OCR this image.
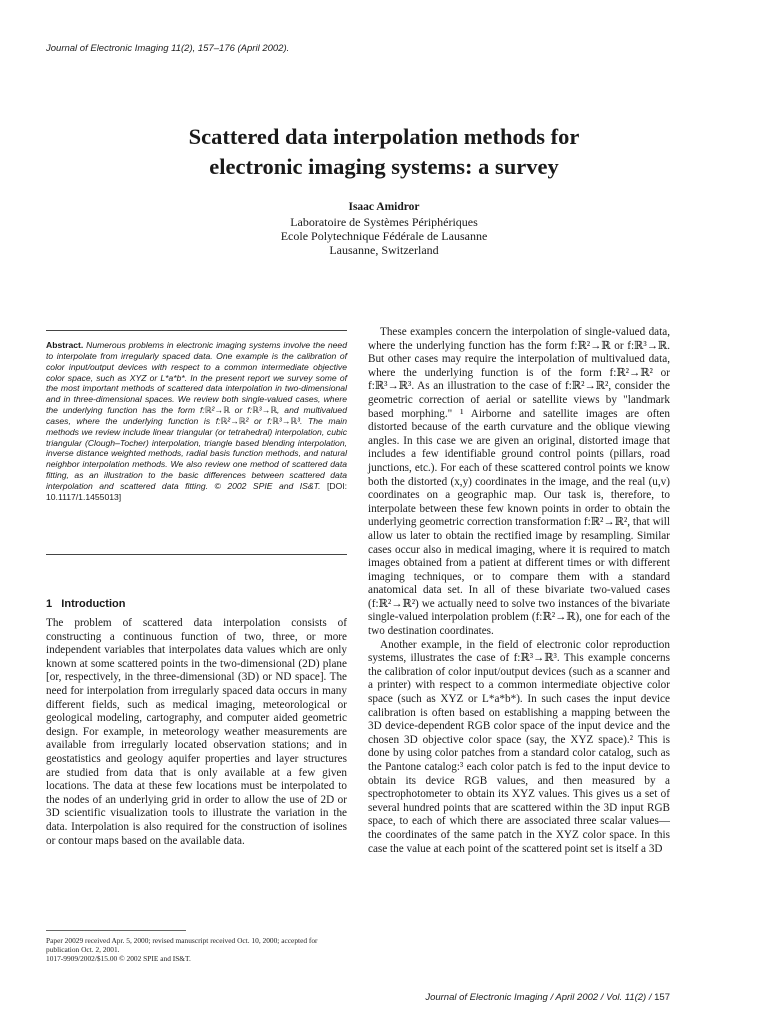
Journal of Electronic Imaging 11(2), 157–176 (April 2002).
Scattered data interpolation methods for
electronic imaging systems: a survey
Isaac Amidror
Laboratoire de Systèmes Périphériques
Ecole Polytechnique Fédérale de Lausanne
Lausanne, Switzerland

Abstract. Numerous problems in electronic imaging systems involve the need to interpolate from irregularly spaced data. One example is the calibration of color input/output devices with respect to a common intermediate objective color space, such as XYZ or L*a*b*. In the present report we survey some of the most important methods of scattered data interpolation in two-dimensional and in three-dimensional spaces. We review both single-valued cases, where the underlying function has the form f:ℝ²→ℝ or f:ℝ³→ℝ, and multivalued cases, where the underlying function is f:ℝ²→ℝ² or f:ℝ³→ℝ³. The main methods we review include linear triangular (or tetrahedral) interpolation, cubic triangular (Clough–Tocher) interpolation, triangle based blending interpolation, inverse distance weighted methods, radial basis function methods, and natural neighbor interpolation methods. We also review one method of scattered data fitting, as an illustration to the basic differences between scattered data interpolation and scattered data fitting. © 2002 SPIE and IS&T. [DOI: 10.1117/1.1455013]

1 Introduction

The problem of scattered data interpolation consists of constructing a continuous function of two, three, or more independent variables that interpolates data values which are only known at some scattered points in the two-dimensional (2D) plane [or, respectively, in the three-dimensional (3D) or ND space]. The need for interpolation from irregularly spaced data occurs in many different fields, such as medical imaging, meteorological or geological modeling, cartography, and computer aided geometric design. For example, in meteorology weather measurements are available from irregularly located observation stations; and in geostatistics and geology aquifer properties and layer structures are studied from data that is only available at a few given locations. The data at these few locations must be interpolated to the nodes of an underlying grid in order to allow the use of 2D or 3D scientific visualization tools to illustrate the variation in the data. Interpolation is also required for the construction of isolines or contour maps based on the available data.

Paper 20029 received Apr. 5, 2000; revised manuscript received Oct. 10, 2000; accepted for publication Oct. 2, 2001.
1017-9909/2002/$15.00 © 2002 SPIE and IS&T.

These examples concern the interpolation of single-valued data, where the underlying function has the form f:ℝ²→ℝ or f:ℝ³→ℝ. But other cases may require the interpolation of multivalued data, where the underlying function is of the form f:ℝ²→ℝ² or f:ℝ³→ℝ³. As an illustration to the case of f:ℝ²→ℝ², consider the geometric correction of aerial or satellite views by "landmark based morphing." ¹ Airborne and satellite images are often distorted because of the earth curvature and the oblique viewing angles. In this case we are given an original, distorted image that includes a few identifiable ground control points (pillars, road junctions, etc.). For each of these scattered control points we know both the distorted (x,y) coordinates in the image, and the real (u,v) coordinates on a geographic map. Our task is, therefore, to interpolate between these few known points in order to obtain the underlying geometric correction transformation f:ℝ²→ℝ², that will allow us later to obtain the rectified image by resampling. Similar cases occur also in medical imaging, where it is required to match images obtained from a patient at different times or with different imaging techniques, or to compare them with a standard anatomical data set. In all of these bivariate two-valued cases (f:ℝ²→ℝ²) we actually need to solve two instances of the bivariate single-valued interpolation problem (f:ℝ²→ℝ), one for each of the two destination coordinates.

Another example, in the field of electronic color reproduction systems, illustrates the case of f:ℝ³→ℝ³. This example concerns the calibration of color input/output devices (such as a scanner and a printer) with respect to a common intermediate objective color space (such as XYZ or L*a*b*). In such cases the input device calibration is often based on establishing a mapping between the 3D device-dependent RGB color space of the input device and the chosen 3D objective color space (say, the XYZ space).² This is done by using color patches from a standard color catalog, such as the Pantone catalog:³ each color patch is fed to the input device to obtain its device RGB values, and then measured by a spectrophotometer to obtain its XYZ values. This gives us a set of several hundred points that are scattered within the 3D input RGB space, to each of which there are associated three scalar values—the coordinates of the same patch in the XYZ color space. In this case the value at each point of the scattered point set is itself a 3D

Journal of Electronic Imaging / April 2002 / Vol. 11(2) / 157
